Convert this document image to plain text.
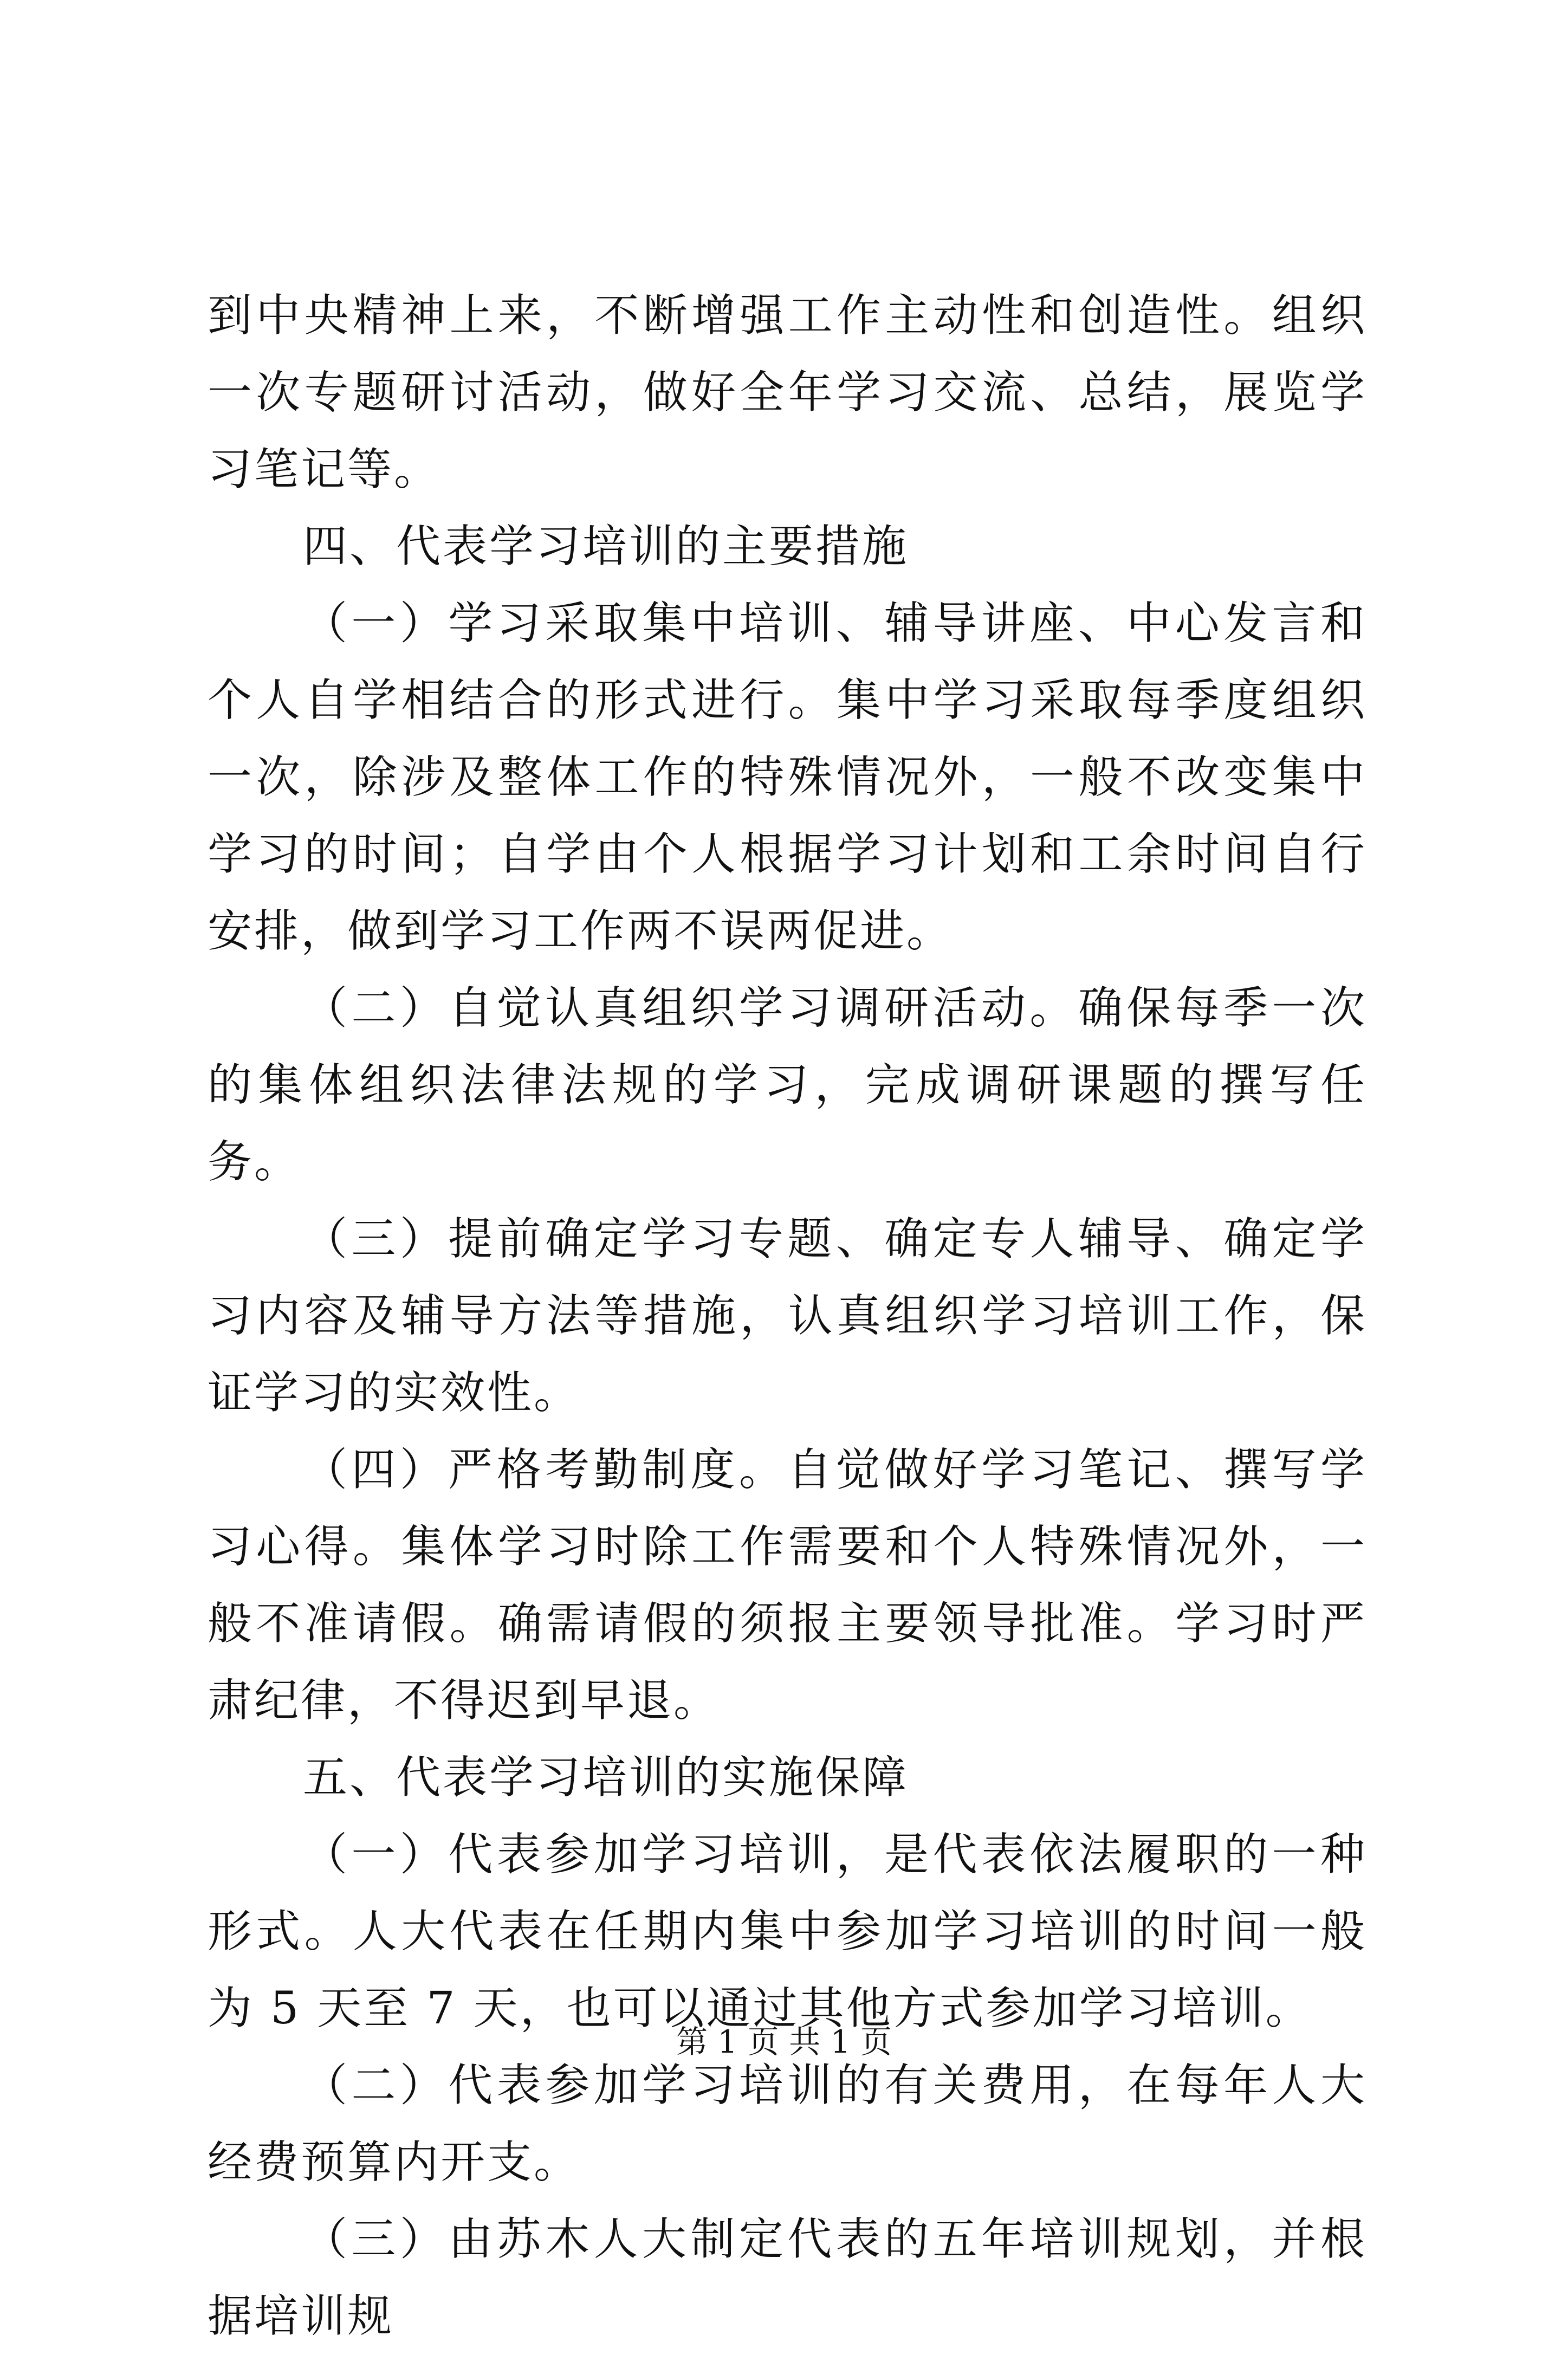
到中央精神上来，不断增强工作主动性和创造性。组织一次专题研讨活动，做好全年学习交流、总结，展览学习笔记等。

四、代表学习培训的主要措施

（一）学习采取集中培训、辅导讲座、中心发言和个人自学相结合的形式进行。集中学习采取每季度组织一次，除涉及整体工作的特殊情况外，一般不改变集中学习的时间；自学由个人根据学习计划和工余时间自行安排，做到学习工作两不误两促进。

（二）自觉认真组织学习调研活动。确保每季一次的集体组织法律法规的学习，完成调研课题的撰写任务。

（三）提前确定学习专题、确定专人辅导、确定学习内容及辅导方法等措施，认真组织学习培训工作，保证学习的实效性。

（四）严格考勤制度。自觉做好学习笔记、撰写学习心得。集体学习时除工作需要和个人特殊情况外，一般不准请假。确需请假的须报主要领导批准。学习时严肃纪律，不得迟到早退。

五、代表学习培训的实施保障

（一）代表参加学习培训，是代表依法履职的一种形式。人大代表在任期内集中参加学习培训的时间一般为 5 天至 7 天，也可以通过其他方式参加学习培训。

（二）代表参加学习培训的有关费用，在每年人大经费预算内开支。

（三）由苏木人大制定代表的五年培训规划，并根据培训规

第 1 页 共 1 页
